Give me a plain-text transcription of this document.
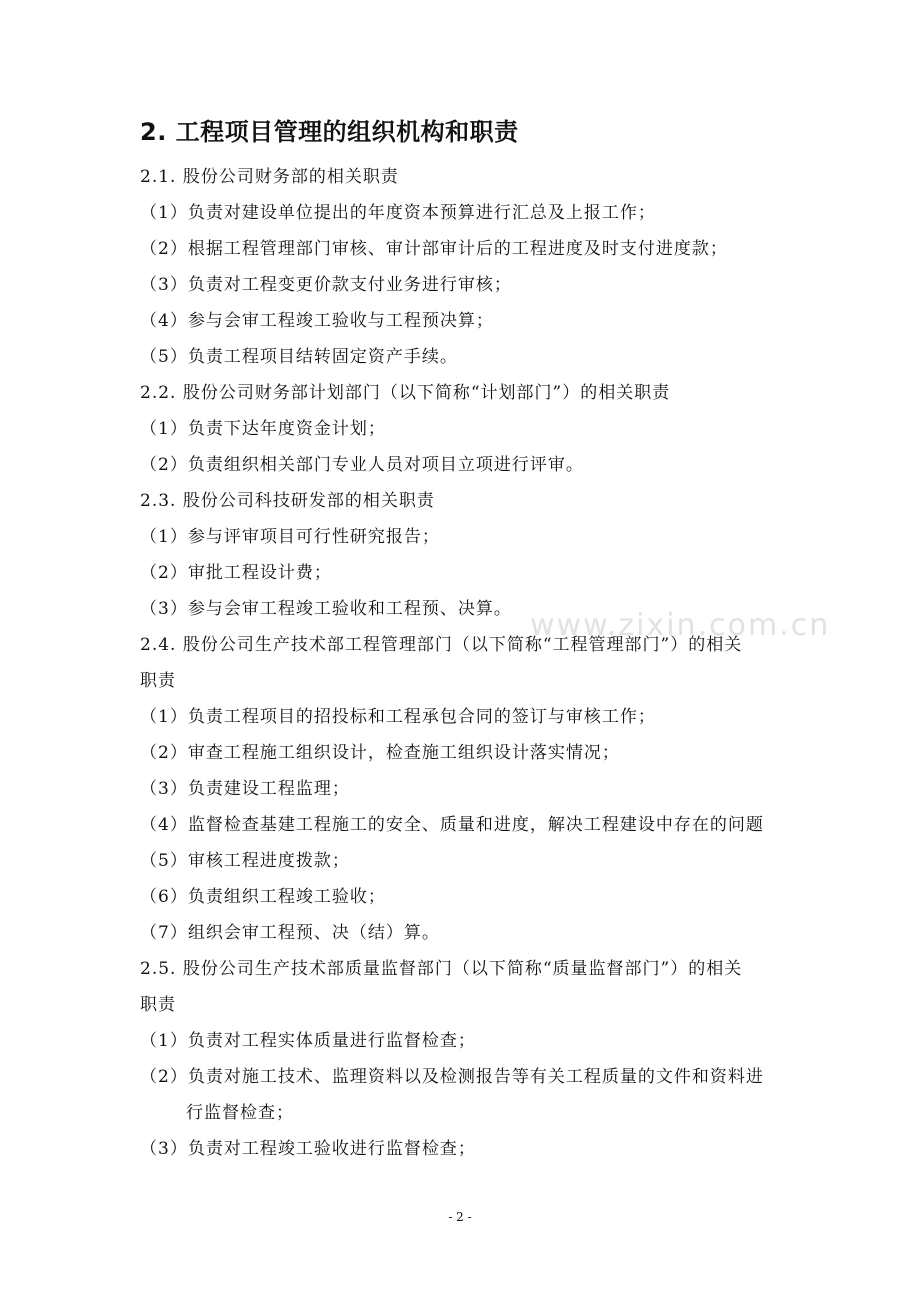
2. 工程项目管理的组织机构和职责
2.1. 股份公司财务部的相关职责
（1）负责对建设单位提出的年度资本预算进行汇总及上报工作；
（2）根据工程管理部门审核、审计部审计后的工程进度及时支付进度款；
（3）负责对工程变更价款支付业务进行审核；
（4）参与会审工程竣工验收与工程预决算；
（5）负责工程项目结转固定资产手续。
2.2. 股份公司财务部计划部门（以下简称“计划部门”）的相关职责
（1）负责下达年度资金计划；
（2）负责组织相关部门专业人员对项目立项进行评审。
2.3. 股份公司科技研发部的相关职责
（1）参与评审项目可行性研究报告；
（2）审批工程设计费；
（3）参与会审工程竣工验收和工程预、决算。
2.4. 股份公司生产技术部工程管理部门（以下简称“工程管理部门”）的相关
职责
（1）负责工程项目的招投标和工程承包合同的签订与审核工作；
（2）审查工程施工组织设计，检查施工组织设计落实情况；
（3）负责建设工程监理；
（4）监督检查基建工程施工的安全、质量和进度，解决工程建设中存在的问题
（5）审核工程进度拨款；
（6）负责组织工程竣工验收；
（7）组织会审工程预、决（结）算。
2.5. 股份公司生产技术部质量监督部门（以下简称“质量监督部门”）的相关
职责
（1）负责对工程实体质量进行监督检查；
（2）负责对施工技术、监理资料以及检测报告等有关工程质量的文件和资料进
行监督检查；
（3）负责对工程竣工验收进行监督检查；
www.zixin.com.cn
- 2 -
